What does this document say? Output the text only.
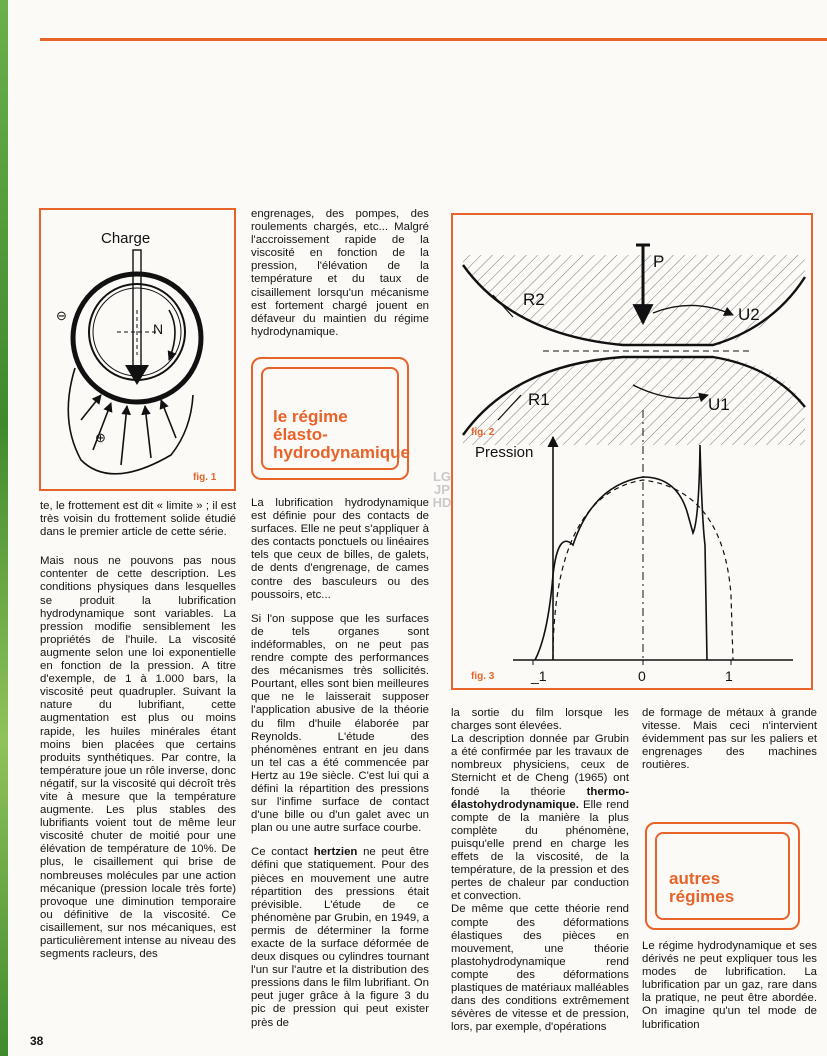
Charge
N
⊖
⊕
fig. 1

te, le frottement est dit « limite » ; il est très voisin du frottement solide étudié dans le premier article de cette série.

Mais nous ne pouvons pas nous contenter de cette description. Les conditions physiques dans lesquelles se produit la lubrification hydrodynamique sont variables. La pression modifie sensiblement les propriétés de l'huile. La viscosité augmente selon une loi exponentielle en fonction de la pression. A titre d'exemple, de 1 à 1.000 bars, la viscosité peut quadrupler. Suivant la nature du lubrifiant, cette augmentation est plus ou moins rapide, les huiles minérales étant moins bien placées que certains produits synthétiques. Par contre, la température joue un rôle inverse, donc négatif, sur la viscosité qui décroît très vite à mesure que la température augmente. Les plus stables des lubrifiants voient tout de même leur viscosité chuter de moitié pour une élévation de température de 10%. De plus, le cisaillement qui brise de nombreuses molécules par une action mécanique (pression locale très forte) provoque une diminution temporaire ou définitive de la viscosité. Ce cisaillement, sur nos mécaniques, est particulièrement intense au niveau des segments racleurs, des

engrenages, des pompes, des roulements chargés, etc... Malgré l'accroissement rapide de la viscosité en fonction de la pression, l'élévation de la température et du taux de cisaillement lorsqu'un mécanisme est fortement chargé jouent en défaveur du maintien du régime hydrodynamique.

le régime
élasto-
hydrodynamique

La lubrification hydrodynamique est définie pour des contacts de surfaces. Elle ne peut s'appliquer à des contacts ponctuels ou linéaires tels que ceux de billes, de galets, de dents d'engrenage, de cames contre des basculeurs ou des poussoirs, etc...

Si l'on suppose que les surfaces de tels organes sont indéformables, on ne peut pas rendre compte des performances des mécanismes très sollicités. Pourtant, elles sont bien meilleures que ne le laisserait supposer l'application abusive de la théorie du film d'huile élaborée par Reynolds. L'étude des phénomènes entrant en jeu dans un tel cas a été commencée par Hertz au 19e siècle. C'est lui qui a défini la répartition des pressions sur l'infime surface de contact d'une bille ou d'un galet avec un plan ou une autre surface courbe.

Ce contact hertzien ne peut être défini que statiquement. Pour des pièces en mouvement une autre répartition des pressions était prévisible. L'étude de ce phénomène par Grubin, en 1949, a permis de déterminer la forme exacte de la surface déformée de deux disques ou cylindres tournant l'un sur l'autre et la distribution des pressions dans le film lubrifiant. On peut juger grâce à la figure 3 du pic de pression qui peut exister près de

P
R2
U2
R1	U1
Pression
_1	0	1
fig. 2
fig. 3

la sortie du film lorsque les charges sont élevées.

La description donnée par Grubin a été confirmée par les travaux de nombreux physiciens, ceux de Sternicht et de Cheng (1965) ont fondé la théorie thermo-élastohydrodynamique. Elle rend compte de la manière la plus complète du phénomène, puisqu'elle prend en charge les effets de la viscosité, de la température, de la pression et des pertes de chaleur par conduction et convection.

De même que cette théorie rend compte des déformations élastiques des pièces en mouvement, une théorie plastohydrodynamique rend compte des déformations plastiques de matériaux malléables dans des conditions extrêmement sévères de vitesse et de pression, lors, par exemple, d'opérations

de formage de métaux à grande vitesse. Mais ceci n'intervient évidemment pas sur les paliers et engrenages des machines routières.

autres
régimes

Le régime hydrodynamique et ses dérivés ne peut expliquer tous les modes de lubrification. La lubrification par un gaz, rare dans la pratique, ne peut être abordée. On imagine qu'un tel mode de lubrification

LG
JP
HD
38
